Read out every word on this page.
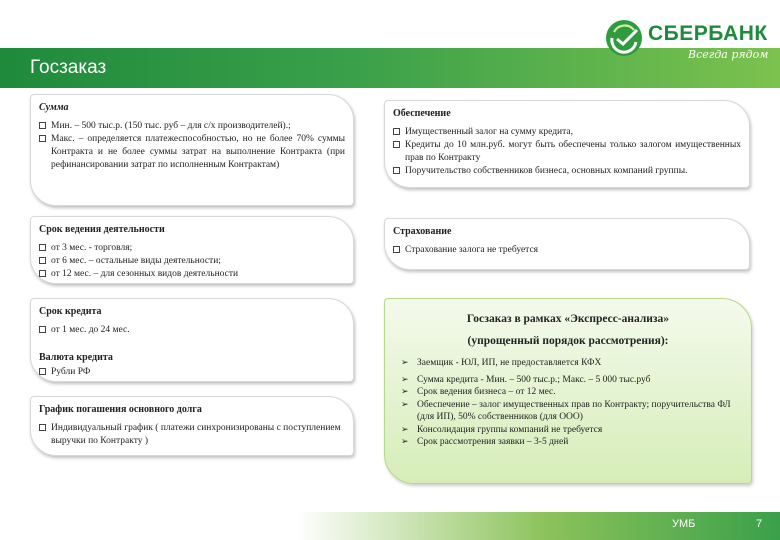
Госзаказ
СБЕРБАНК
Всегда рядом
Сумма

Мин. – 500 тыс.р. (150 тыс. руб – для с/х производителей).;

Макс. – определяется платежеспособностью, но не более 70% суммы Контракта и не более суммы затрат на выполнение Контракта (при рефинансировании затрат по исполненным Контрактам)

Обеспечение

Имущественный залог на сумму кредита,

Кредиты до 10 млн.руб. могут быть обеспечены только залогом имущественных прав по Контракту

Поручительство собственников бизнеса, основных компаний группы.

Срок ведения деятельности

от 3 мес. - торговля;

от 6 мес. – остальные виды деятельности;

от 12 мес. – для сезонных видов деятельности

Страхование

Страхование залога не требуется

Срок кредита

от 1 мес. до 24 мес.

Валюта кредита

Рубли РФ

График погашения основного долга

Индивидуальный график ( платежи синхронизированы с поступлением выручки по Контракту )

Госзаказ в рамках «Экспресс-анализа»
(упрощенный порядок рассмотрения):

➢ Заемщик - ЮЛ, ИП, не предоставляется КФХ

➢ Сумма кредита - Мин. – 500 тыс.р.; Макс. – 5 000 тыс.руб

➢ Срок ведения бизнеса – от 12 мес.

➢ Обеспечение – залог имущественных прав по Контракту; поручительства ФЛ (для ИП), 50% собственников (для ООО)

➢ Консолидация группы компаний не требуется

➢ Срок рассмотрения заявки – 3-5 дней

УМБ	7
